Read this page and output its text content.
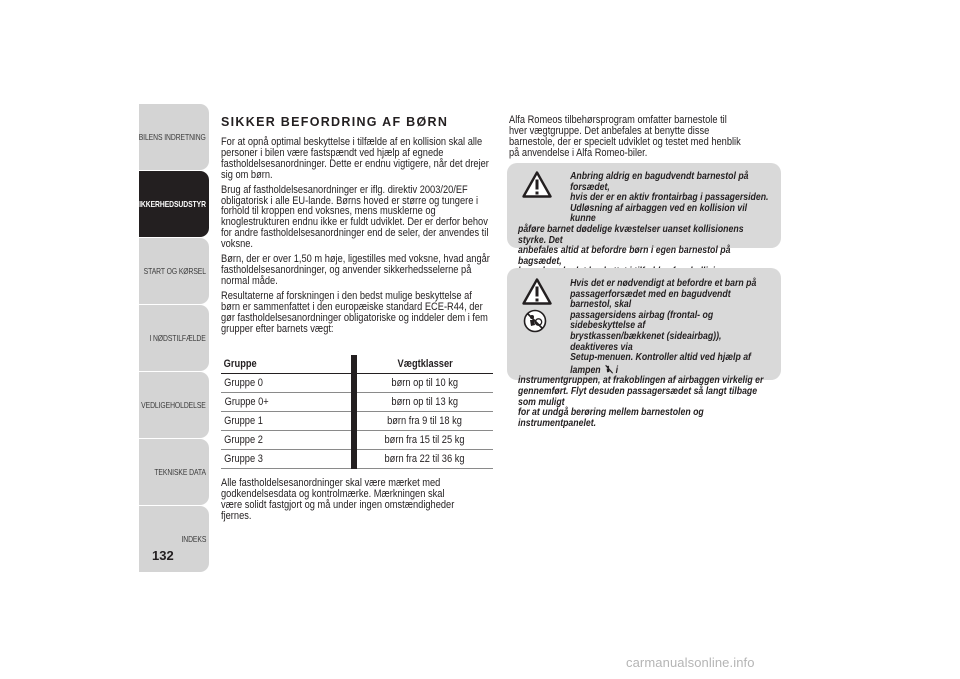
BILENS INDRETNING
SIKKERHEDSUDSTYR
START OG KØRSEL
I NØDSTILFÆLDE
VEDLIGEHOLDELSE
TEKNISKE DATA
INDEKS
132
SIKKER BEFORDRING AF BØRN

For at opnå optimal beskyttelse i tilfælde af en kollision skal alle personer i bilen være fastspændt ved hjælp af egnede fastholdelsesanordninger. Dette er endnu vigtigere, når det drejer sig om børn.

Brug af fastholdelsesanordninger er iflg. direktiv 2003/20/EF obligatorisk i alle EU-lande. Børns hoved er større og tungere i forhold til kroppen end voksnes, mens musklerne og knoglestrukturen endnu ikke er fuldt udviklet. Der er derfor behov for andre fastholdelsesanordninger end de seler, der anvendes til voksne.

Børn, der er over 1,50 m høje, ligestilles med voksne, hvad angår fastholdelsesanordninger, og anvender sikkerhedsselerne på normal måde.

Resultaterne af forskningen i den bedst mulige beskyttelse af børn er sammenfattet i den europæiske standard ECE-R44, der gør fastholdelsesanordninger obligatoriske og inddeler dem i fem grupper efter barnets vægt:

Gruppe		Vægtklasser
Gruppe 0		børn op til 10 kg
Gruppe 0+		børn op til 13 kg
Gruppe 1		børn fra 9 til 18 kg
Gruppe 2		børn fra 15 til 25 kg
Gruppe 3		børn fra 22 til 36 kg

Alle fastholdelsesanordninger skal være mærket med godkendelsesdata og kontrolmærke. Mærkningen skal være solidt fastgjort og må under ingen omstændigheder fjernes.

Alfa Romeos tilbehørsprogram omfatter barnestole til hver vægtgruppe. Det anbefales at benytte disse barnestole, der er specielt udviklet og testet med henblik på anvendelse i Alfa Romeo-biler.

Anbring aldrig en bagudvendt barnestol på forsædet,

hvis der er en aktiv frontairbag i passagersiden.

Udløsning af airbaggen ved en kollision vil kunne

påføre barnet dødelige kvæstelser uanset kollisionens styrke. Det

anbefales altid at befordre børn i egen barnestol på bagsædet,

Hvis det er nødvendigt at befordre et barn på

passagerforsædet med en bagudvendt barnestol, skal

passagersidens airbag (frontal- og sidebeskyttelse af

brystkassen/bækkenet (sideairbag)), deaktiveres via

Setup-menuen. Kontroller altid ved hjælp af lampen i

instrumentgruppen, at frakoblingen af airbaggen virkelig er

gennemført. Flyt desuden passagersædet så langt tilbage som muligt

for at undgå berøring mellem barnestolen og instrumentpanelet.

carmanualsonline.info
